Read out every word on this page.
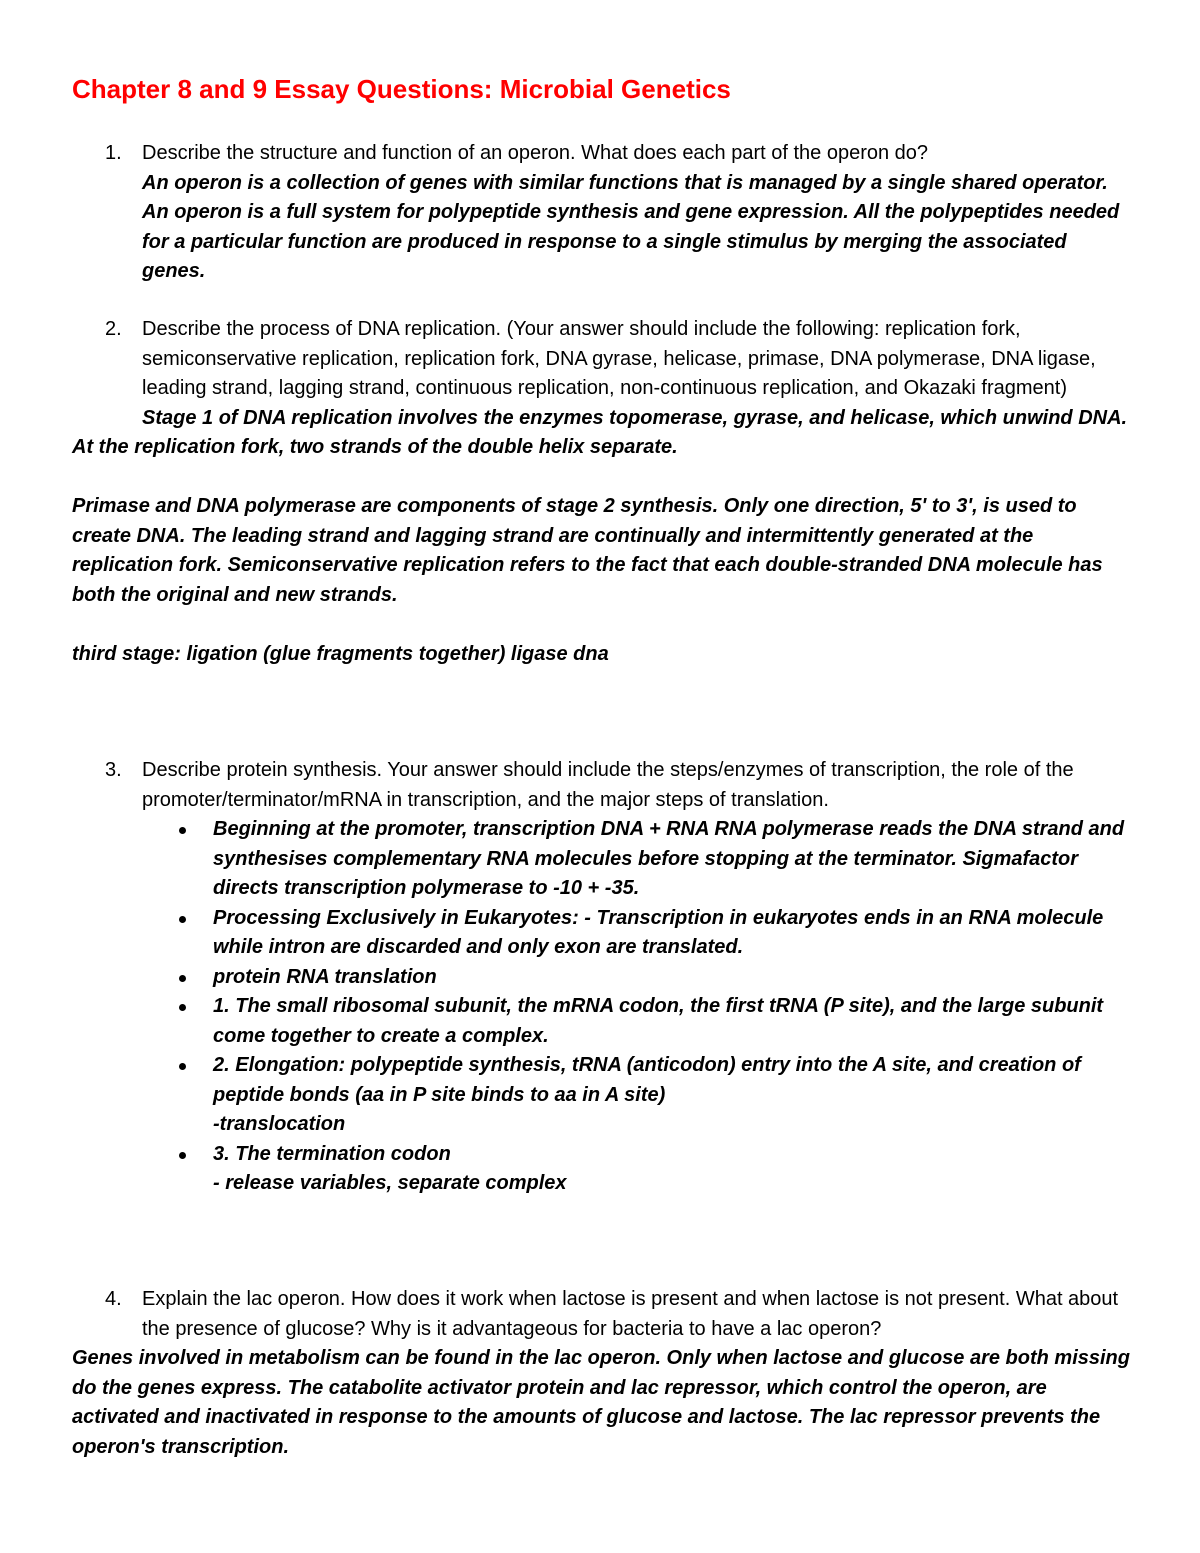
Chapter 8 and 9 Essay Questions: Microbial Genetics
1. Describe the structure and function of an operon. What does each part of the operon do?

An operon is a collection of genes with similar functions that is managed by a single shared operator. An operon is a full system for polypeptide synthesis and gene expression. All the polypeptides needed for a particular function are produced in response to a single stimulus by merging the associated genes.

2. Describe the process of DNA replication. (Your answer should include the following: replication fork, semiconservative replication, replication fork, DNA gyrase, helicase, primase, DNA polymerase, DNA ligase, leading strand, lagging strand, continuous replication, non-continuous replication, and Okazaki fragment)

Stage 1 of DNA replication involves the enzymes topomerase, gyrase, and helicase, which unwind DNA. At the replication fork, two strands of the double helix separate.

Primase and DNA polymerase are components of stage 2 synthesis. Only one direction, 5' to 3', is used to create DNA. The leading strand and lagging strand are continually and intermittently generated at the replication fork. Semiconservative replication refers to the fact that each double-stranded DNA molecule has both the original and new strands.

third stage: ligation (glue fragments together) ligase dna

3. Describe protein synthesis. Your answer should include the steps/enzymes of transcription, the role of the promoter/terminator/mRNA in transcription, and the major steps of translation.

Beginning at the promoter, transcription DNA + RNA RNA polymerase reads the DNA strand and synthesises complementary RNA molecules before stopping at the terminator. Sigmafactor directs transcription polymerase to -10 + -35.
Processing Exclusively in Eukaryotes: - Transcription in eukaryotes ends in an RNA molecule while intron are discarded and only exon are translated.
protein RNA translation
1. The small ribosomal subunit, the mRNA codon, the first tRNA (P site), and the large subunit come together to create a complex.
2. Elongation: polypeptide synthesis, tRNA (anticodon) entry into the A site, and creation of peptide bonds (aa in P site binds to aa in A site)
-translocation
3. The termination codon
- release variables, separate complex
4. Explain the lac operon. How does it work when lactose is present and when lactose is not present. What about the presence of glucose? Why is it advantageous for bacteria to have a lac operon?

Genes involved in metabolism can be found in the lac operon. Only when lactose and glucose are both missing do the genes express. The catabolite activator protein and lac repressor, which control the operon, are activated and inactivated in response to the amounts of glucose and lactose. The lac repressor prevents the operon's transcription.
